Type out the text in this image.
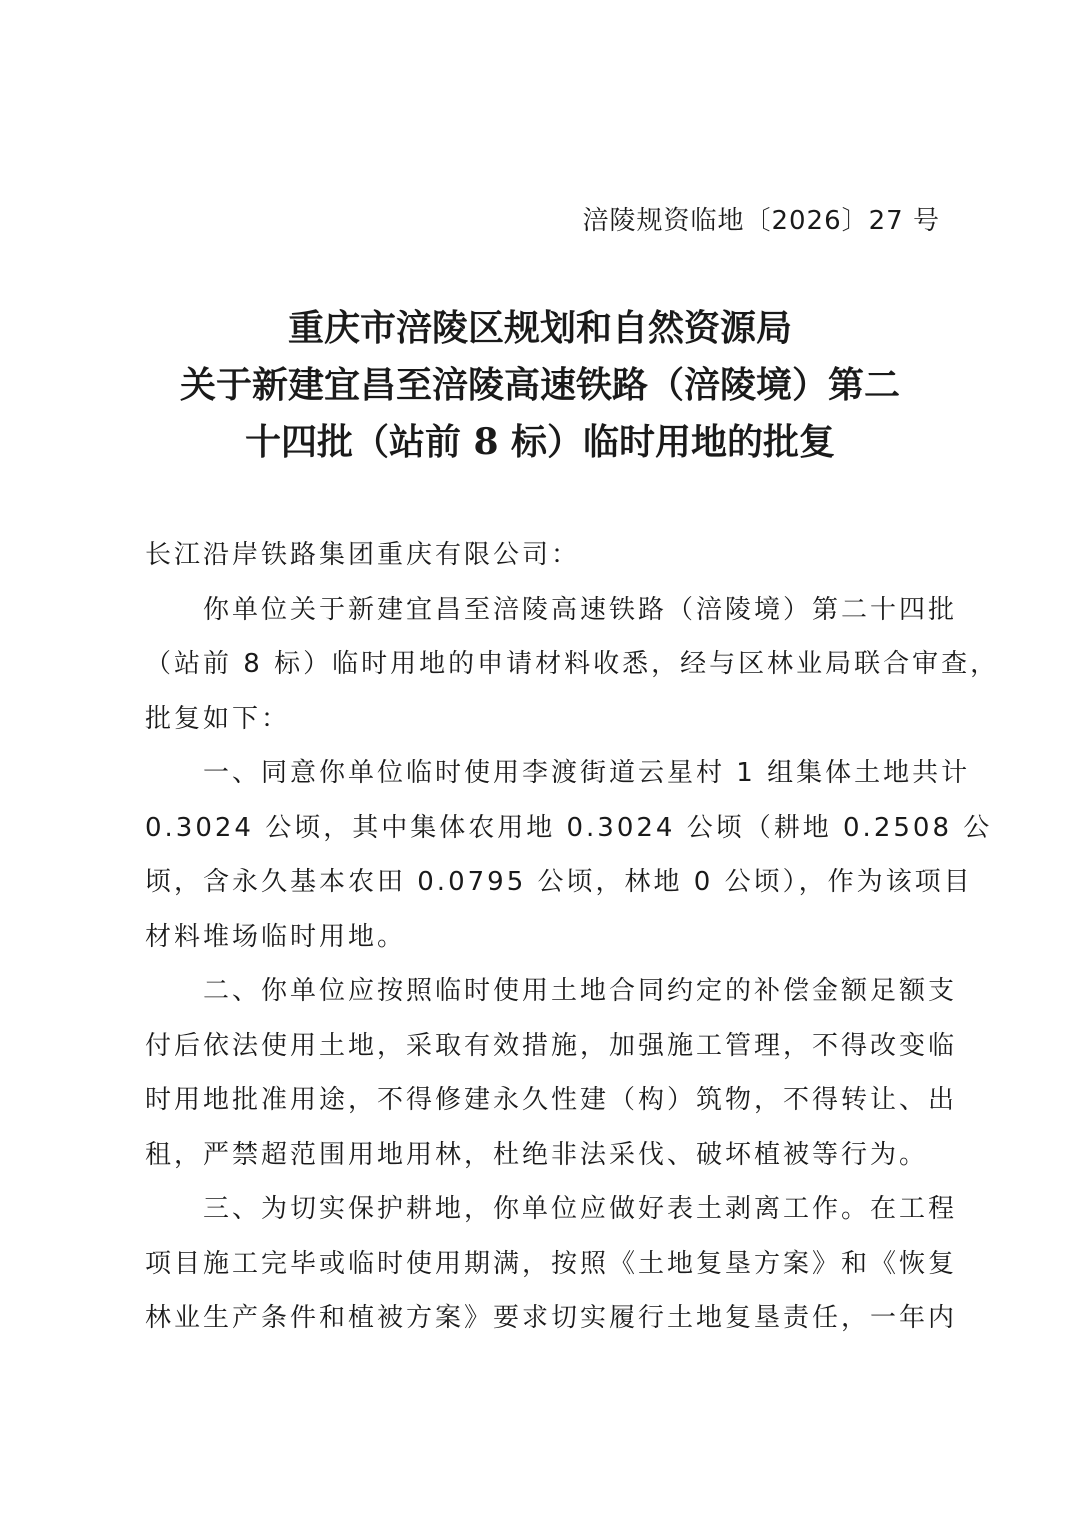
涪陵规资临地〔2026〕27 号
重庆市涪陵区规划和自然资源局
关于新建宜昌至涪陵高速铁路（涪陵境）第二
十四批（站前 8 标）临时用地的批复
长江沿岸铁路集团重庆有限公司：
你单位关于新建宜昌至涪陵高速铁路（涪陵境）第二十四批
（站前 8 标）临时用地的申请材料收悉，经与区林业局联合审查，
批复如下：
一、同意你单位临时使用李渡街道云星村 1 组集体土地共计
0.3024 公顷，其中集体农用地 0.3024 公顷（耕地 0.2508 公
顷，含永久基本农田 0.0795 公顷，林地 0 公顷），作为该项目
材料堆场临时用地。
二、你单位应按照临时使用土地合同约定的补偿金额足额支
付后依法使用土地，采取有效措施，加强施工管理，不得改变临
时用地批准用途，不得修建永久性建（构）筑物，不得转让、出
租，严禁超范围用地用林，杜绝非法采伐、破坏植被等行为。
三、为切实保护耕地，你单位应做好表土剥离工作。在工程
项目施工完毕或临时使用期满，按照《土地复垦方案》和《恢复
林业生产条件和植被方案》要求切实履行土地复垦责任，一年内
